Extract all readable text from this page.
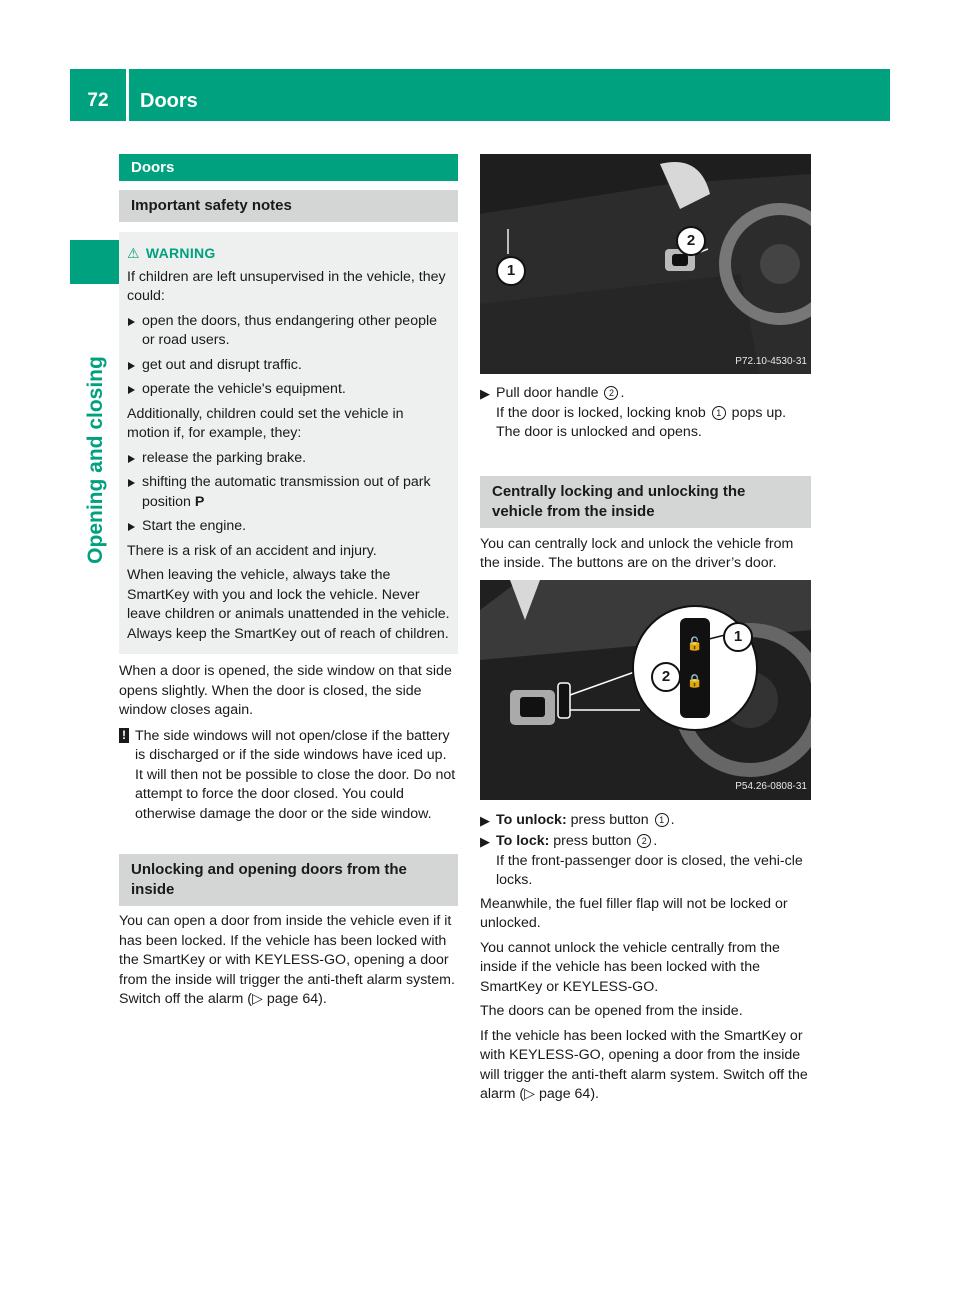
72	Doors
Opening and closing
Doors
Important safety notes
⚠ WARNING

If children are left unsupervised in the vehicle, they could:

open the doors, thus endangering other people or road users.
get out and disrupt traffic.
operate the vehicle's equipment.

Additionally, children could set the vehicle in motion if, for example, they:

release the parking brake.
shifting the automatic transmission out of park position P
Start the engine.

There is a risk of an accident and injury.

When leaving the vehicle, always take the SmartKey with you and lock the vehicle. Never leave children or animals unattended in the vehicle. Always keep the SmartKey out of reach of children.

When a door is opened, the side window on that side opens slightly. When the door is closed, the side window closes again.

! The side windows will not open/close if the battery is discharged or if the side windows have iced up. It will then not be possible to close the door. Do not attempt to force the door closed. You could otherwise damage the door or the side window.
Unlocking and opening doors from the inside

You can open a door from inside the vehicle even if it has been locked. If the vehicle has been locked with the SmartKey or with KEYLESS-GO, opening a door from the inside will trigger the anti-theft alarm system. Switch off the alarm (▷ page 64).

1
2
P72.10-4530-31
▶ Pull door handle 2 .
If the door is locked, locking knob 1 pops up. The door is unlocked and opens.
Centrally locking and unlocking the vehicle from the inside

You can centrally lock and unlock the vehicle from the inside. The buttons are on the driver’s door.

🔓
🔒
1
2
P54.26-0808-31
▶ To unlock: press button 1 .
▶ To lock: press button 2 .
If the front-passenger door is closed, the vehi-cle locks.

Meanwhile, the fuel filler flap will not be locked or unlocked.

You cannot unlock the vehicle centrally from the inside if the vehicle has been locked with the SmartKey or KEYLESS-GO.

The doors can be opened from the inside.

If the vehicle has been locked with the SmartKey or with KEYLESS-GO, opening a door from the inside will trigger the anti-theft alarm system. Switch off the alarm (▷ page 64).
